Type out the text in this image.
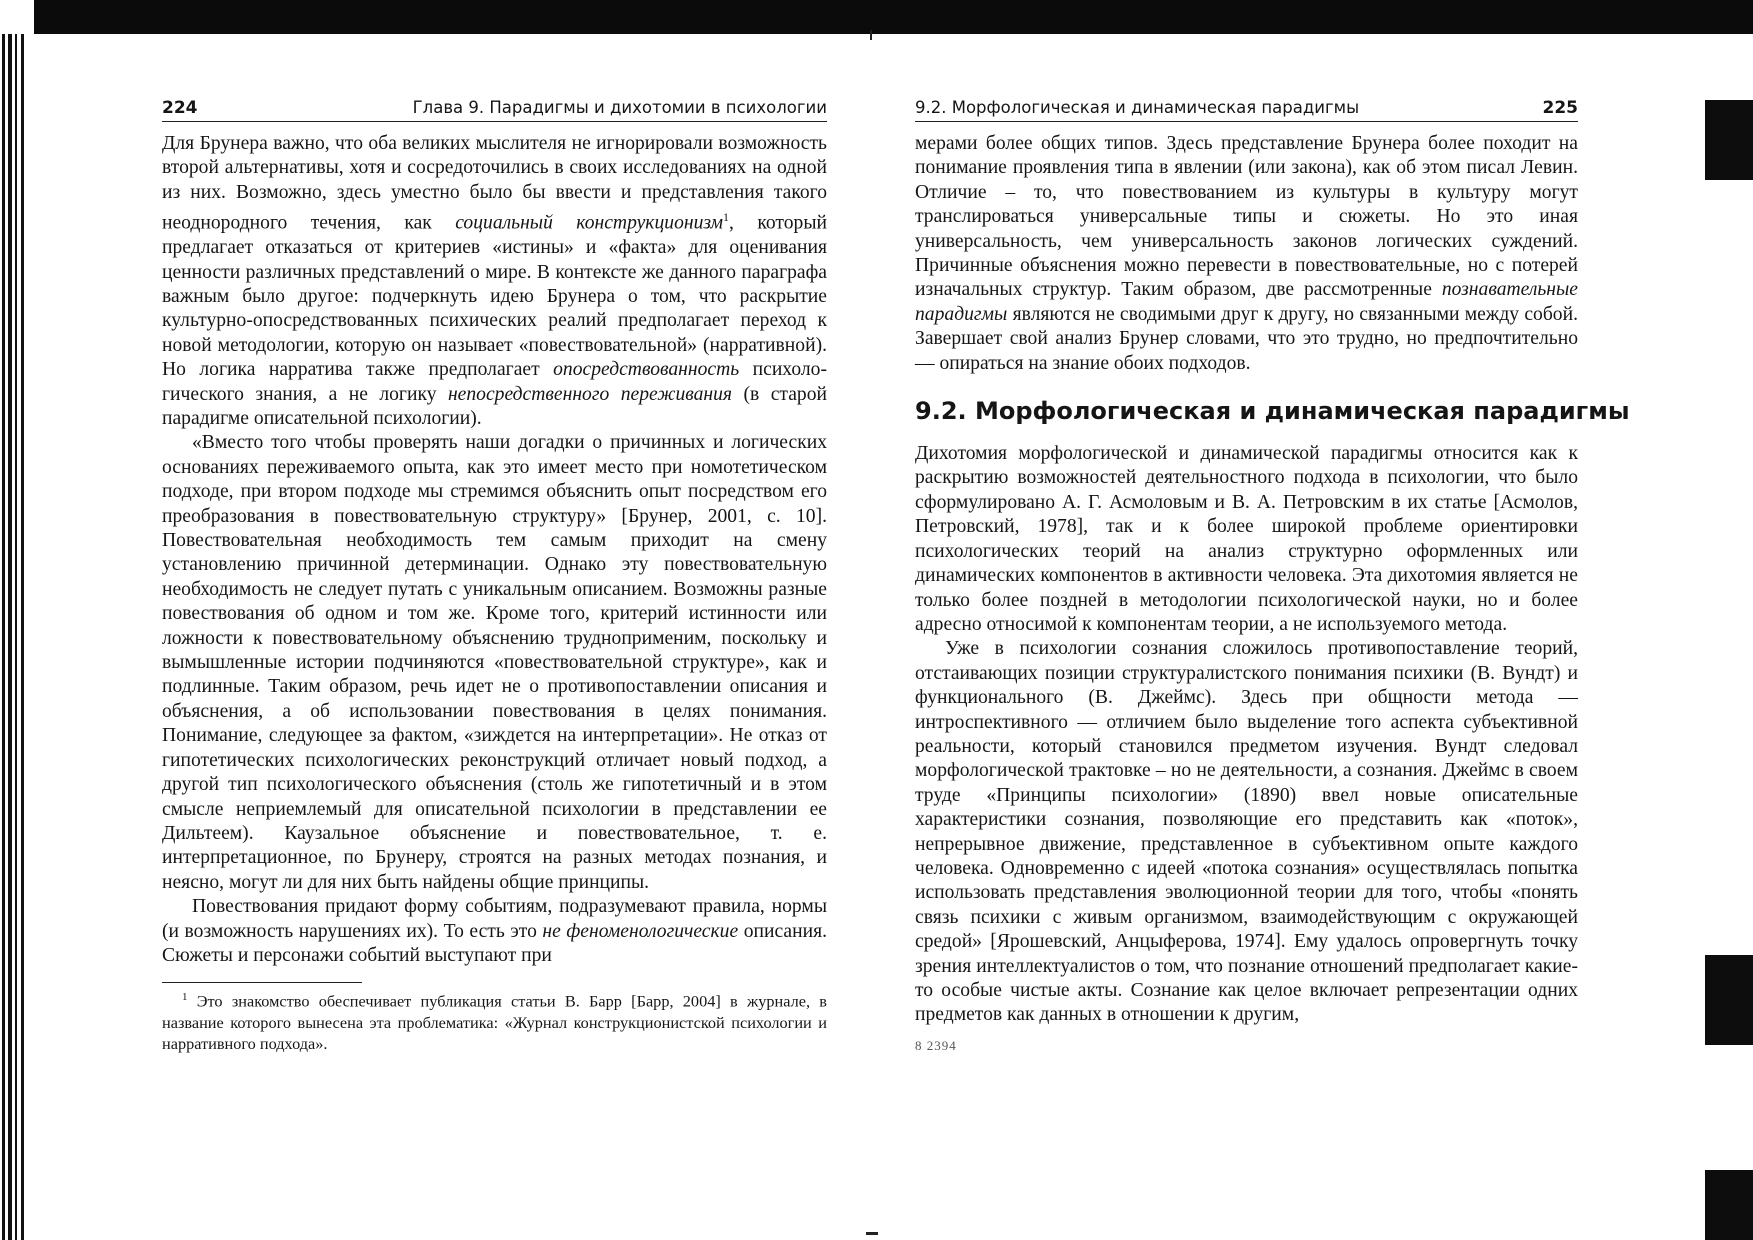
224	Глава 9. Парадигмы и дихотомии в психологии

Для Брунера важно, что оба великих мыслителя не игнорировали возможность второй альтернативы, хотя и сосредоточились в своих исследованиях на одной из них. Возможно, здесь уместно было бы ввести и представления такого неоднородного течения, как социальный конструкционизм$^1$, который предлагает отказаться от критериев «истины» и «факта» для оценивания ценности различных представлений о мире. В контексте же данного параграфа важным было другое: подчеркнуть идею Брунера о том, что раскрытие культурно-опосредствованных психических реалий предполагает переход к новой методологии, которую он называет «повествовательной» (нарративной). Но логика нарратива также предполагает опосредствованность психологического знания, а не логику непосредственного переживания (в старой парадигме описательной психологии).

«Вместо того чтобы проверять наши догадки о причинных и логических основаниях переживаемого опыта, как это имеет место при номотетическом подходе, при втором подходе мы стремимся объяснить опыт посредством его преобразования в повествовательную структуру» [Брунер, 2001, с. 10]. Повествовательная необходимость тем самым приходит на смену установлению причинной детерминации. Однако эту повествовательную необходимость не следует путать с уникальным описанием. Возможны разные повествования об одном и том же. Кроме того, критерий истинности или ложности к повествовательному объяснению трудноприменим, поскольку и вымышленные истории подчиняются «повествовательной структуре», как и подлинные. Таким образом, речь идет не о противопоставлении описания и объяснения, а об использовании повествования в целях понимания. Понимание, следующее за фактом, «зиждется на интерпретации». Не отказ от гипотетических психологических реконструкций отличает новый подход, а другой тип психологического объяснения (столь же гипотетичный и в этом смысле неприемлемый для описательной психологии в представлении ее Дильтеем). Каузальное объяснение и повествовательное, т. е. интерпретационное, по Брунеру, строятся на разных методах познания, и неясно, могут ли для них быть найдены общие принципы.

Повествования придают форму событиям, подразумевают правила, нормы (и возможность нарушениях их). То есть это не феноменологические описания. Сюжеты и персонажи событий выступают при

$^1$ Это знакомство обеспечивает публикация статьи В. Барр [Барр, 2004] в журнале, в название которого вынесена эта проблематика: «Журнал конструкционистской психологии и нарративного подхода».
9.2. Морфологическая и динамическая парадигмы	225

мерами более общих типов. Здесь представление Брунера более походит на понимание проявления типа в явлении (или закона), как об этом писал Левин. Отличие – то, что повествованием из культуры в культуру могут транслироваться универсальные типы и сюжеты. Но это иная универсальность, чем универсальность законов логических суждений. Причинные объяснения можно перевести в повествовательные, но с потерей изначальных структур. Таким образом, две рассмотренные познавательные парадигмы являются не сводимыми друг к другу, но связанными между собой. Завершает свой анализ Брунер словами, что это трудно, но предпочтительно — опираться на знание обоих подходов.

9.2. Морфологическая и динамическая парадигмы

Дихотомия морфологической и динамической парадигмы относится как к раскрытию возможностей деятельностного подхода в психологии, что было сформулировано А. Г. Асмоловым и В. А. Петровским в их статье [Асмолов, Петровский, 1978], так и к более широкой проблеме ориентировки психологических теорий на анализ структурно оформленных или динамических компонентов в активности человека. Эта дихотомия является не только более поздней в методологии психологической науки, но и более адресно относимой к компонентам теории, а не используемого метода.

Уже в психологии сознания сложилось противопоставление теорий, отстаивающих позиции структуралистского понимания психики (В. Вундт) и функционального (В. Джеймс). Здесь при общности метода — интроспективного — отличием было выделение того аспекта субъективной реальности, который становился предметом изучения. Вундт следовал морфологической трактовке – но не деятельности, а сознания. Джеймс в своем труде «Принципы психологии» (1890) ввел новые описательные характеристики сознания, позволяющие его представить как «поток», непрерывное движение, представленное в субъективном опыте каждого человека. Одновременно с идеей «потока сознания» осуществлялась попытка использовать представления эволюционной теории для того, чтобы «понять связь психики с живым организмом, взаимодействующим с окружающей средой» [Ярошевский, Анцыферова, 1974]. Ему удалось опровергнуть точку зрения интеллектуалистов о том, что познание отношений предполагает какие-то особые чистые акты. Сознание как целое включает репрезентации одних предметов как данных в отношении к другим,

8 2394
